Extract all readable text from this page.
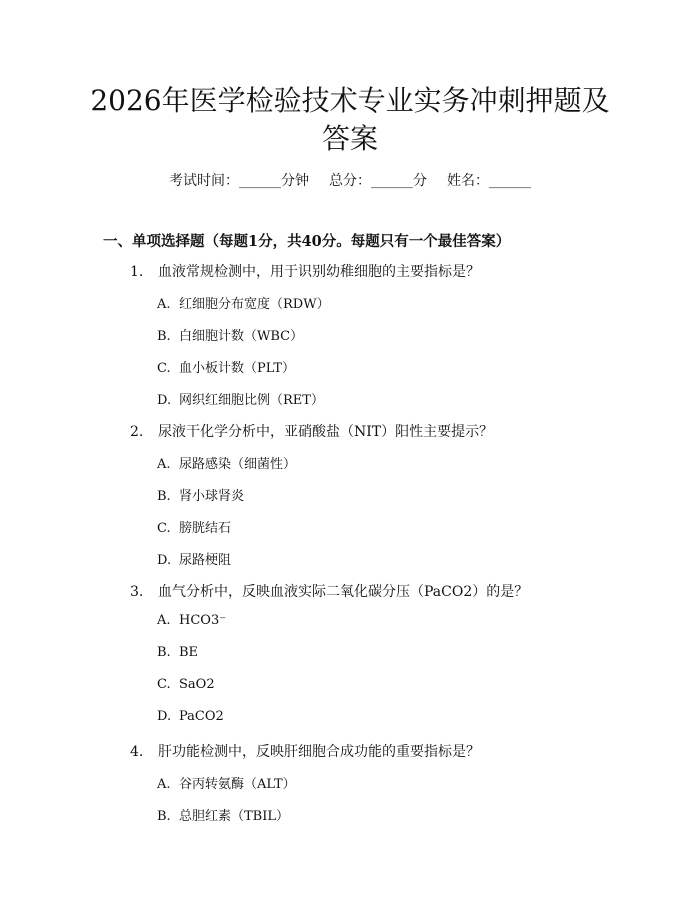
2026年医学检验技术专业实务冲刺押题及答案
考试时间：______分钟 总分：______分 姓名：______
一、单项选择题（每题1分，共40分。每题只有一个最佳答案）
1. 血液常规检测中，用于识别幼稚细胞的主要指标是？
A. 红细胞分布宽度（RDW）
B. 白细胞计数（WBC）
C. 血小板计数（PLT）
D. 网织红细胞比例（RET）
2. 尿液干化学分析中，亚硝酸盐（NIT）阳性主要提示？
A. 尿路感染（细菌性）
B. 肾小球肾炎
C. 膀胱结石
D. 尿路梗阻
3. 血气分析中，反映血液实际二氧化碳分压（PaCO2）的是？
A. HCO3⁻
B. BE
C. SaO2
D. PaCO2
4. 肝功能检测中，反映肝细胞合成功能的重要指标是？
A. 谷丙转氨酶（ALT）
B. 总胆红素（TBIL）
